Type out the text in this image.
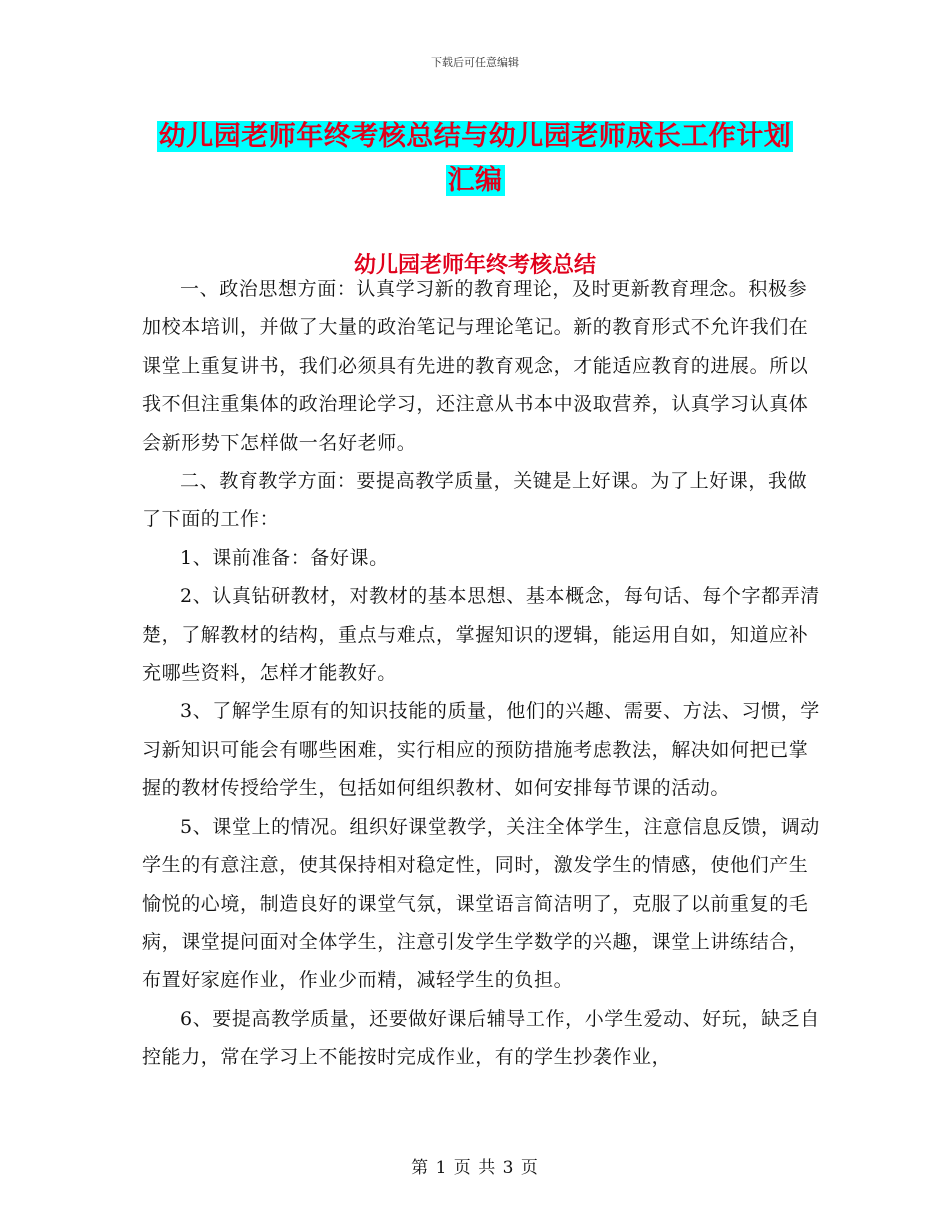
下载后可任意编辑
幼儿园老师年终考核总结与幼儿园老师成长工作计划
汇编
幼儿园老师年终考核总结

一、政治思想方面：认真学习新的教育理论，及时更新教育理念。积极参加校本培训，并做了大量的政治笔记与理论笔记。新的教育形式不允许我们在课堂上重复讲书，我们必须具有先进的教育观念，才能适应教育的进展。所以我不但注重集体的政治理论学习，还注意从书本中汲取营养，认真学习认真体会新形势下怎样做一名好老师。

二、教育教学方面：要提高教学质量，关键是上好课。为了上好课，我做了下面的工作：

1、课前准备：备好课。

2、认真钻研教材，对教材的基本思想、基本概念，每句话、每个字都弄清楚，了解教材的结构，重点与难点，掌握知识的逻辑，能运用自如，知道应补充哪些资料，怎样才能教好。

3、了解学生原有的知识技能的质量，他们的兴趣、需要、方法、习惯，学习新知识可能会有哪些困难，实行相应的预防措施考虑教法，解决如何把已掌握的教材传授给学生，包括如何组织教材、如何安排每节课的活动。

5、课堂上的情况。组织好课堂教学，关注全体学生，注意信息反馈，调动学生的有意注意，使其保持相对稳定性，同时，激发学生的情感，使他们产生愉悦的心境，制造良好的课堂气氛，课堂语言简洁明了，克服了以前重复的毛病，课堂提问面对全体学生，注意引发学生学数学的兴趣，课堂上讲练结合，布置好家庭作业，作业少而精，减轻学生的负担。

6、要提高教学质量，还要做好课后辅导工作，小学生爱动、好玩，缺乏自控能力，常在学习上不能按时完成作业，有的学生抄袭作业，

第 1 页 共 3 页
